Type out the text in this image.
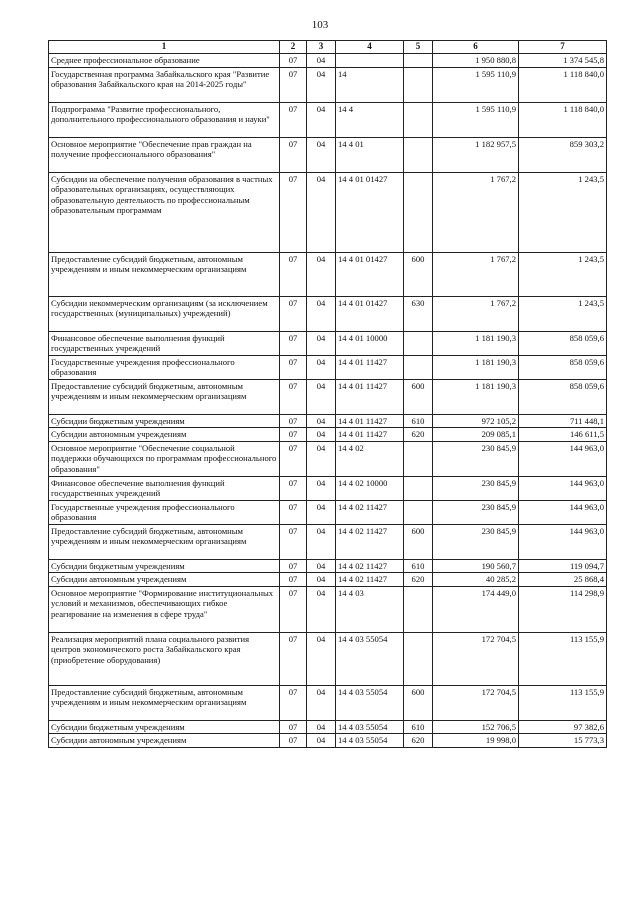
103
1	2	3	4	5	6	7
Среднее профессиональное образование	07	04			1 950 880,8	1 374 545,8
Государственная программа Забайкальского края "Развитие образования Забайкальского края на 2014-2025 годы"	07	04	14		1 595 110,9	1 118 840,0
Подпрограмма "Развитие профессионального, дополнительного профессионального образования и науки"	07	04	14 4		1 595 110,9	1 118 840,0
Основное мероприятие "Обеспечение прав граждан на получение профессионального образования"	07	04	14 4 01		1 182 957,5	859 303,2
Субсидии на обеспечение получения образования в частных образовательных организациях, осуществляющих образовательную деятельность по профессиональным образовательным программам	07	04	14 4 01 01427		1 767,2	1 243,5
Предоставление субсидий бюджетным, автономным учреждениям и иным некоммерческим организациям	07	04	14 4 01 01427	600	1 767,2	1 243,5
Субсидии некоммерческим организациям (за исключением государственных (муниципальных) учреждений)	07	04	14 4 01 01427	630	1 767,2	1 243,5
Финансовое обеспечение выполнения функций государственных учреждений	07	04	14 4 01 10000		1 181 190,3	858 059,6
Государственные учреждения профессионального образования	07	04	14 4 01 11427		1 181 190,3	858 059,6
Предоставление субсидий бюджетным, автономным учреждениям и иным некоммерческим организациям	07	04	14 4 01 11427	600	1 181 190,3	858 059,6
Субсидии бюджетным учреждениям	07	04	14 4 01 11427	610	972 105,2	711 448,1
Субсидии автономным учреждениям	07	04	14 4 01 11427	620	209 085,1	146 611,5
Основное мероприятие "Обеспечение социальной поддержки обучающихся по программам профессионального образования"	07	04	14 4 02		230 845,9	144 963,0
Финансовое обеспечение выполнения функций государственных учреждений	07	04	14 4 02 10000		230 845,9	144 963,0
Государственные учреждения профессионального образования	07	04	14 4 02 11427		230 845,9	144 963,0
Предоставление субсидий бюджетным, автономным учреждениям и иным некоммерческим организациям	07	04	14 4 02 11427	600	230 845,9	144 963,0
Субсидии бюджетным учреждениям	07	04	14 4 02 11427	610	190 560,7	119 094,7
Субсидии автономным учреждениям	07	04	14 4 02 11427	620	40 285,2	25 868,4
Основное мероприятие "Формирование институциональных условий и механизмов, обеспечивающих гибкое реагирование на изменения в сфере труда"	07	04	14 4 03		174 449,0	114 298,9
Реализация мероприятий плана социального развития центров экономического роста Забайкальского края (приобретение оборудования)	07	04	14 4 03 55054		172 704,5	113 155,9
Предоставление субсидий бюджетным, автономным учреждениям и иным некоммерческим организациям	07	04	14 4 03 55054	600	172 704,5	113 155,9
Субсидии бюджетным учреждениям	07	04	14 4 03 55054	610	152 706,5	97 382,6
Субсидии автономным учреждениям	07	04	14 4 03 55054	620	19 998,0	15 773,3
